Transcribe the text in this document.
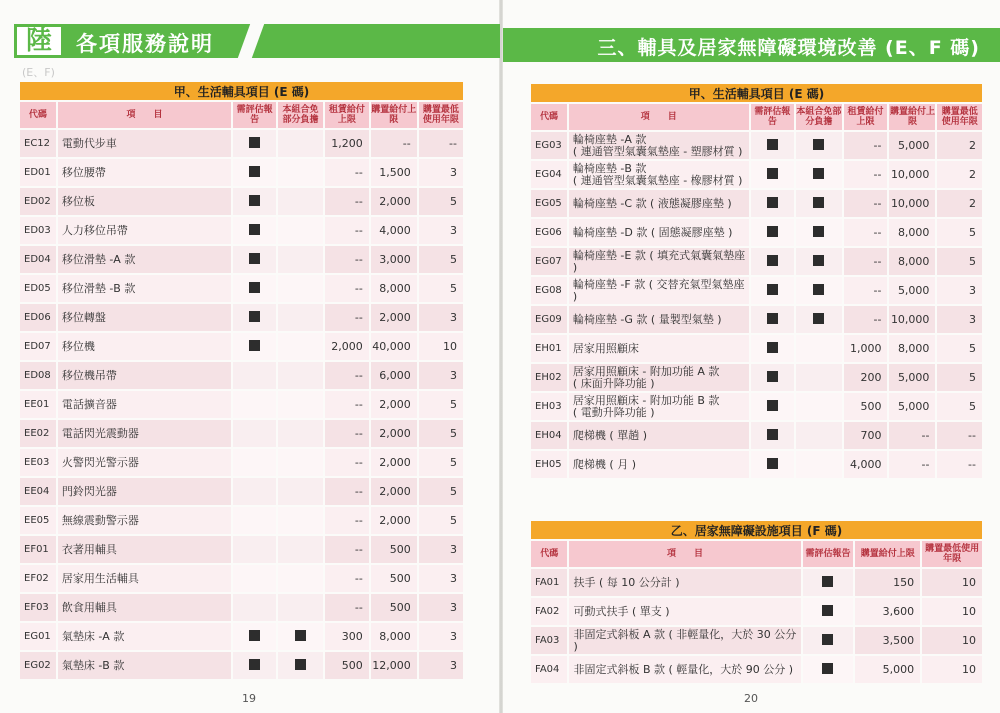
陸	各項服務說明
(E、F)
三、輔具及居家無障礙環境改善 (E、F 碼)
甲、生活輔具項目 (E 碼)						
代碼	項　　目	需評估報告	本組合免部分負擔	租賃給付上限	購置給付上限	購置最低使用年限
EC12	電動代步車			1,200	--	--
ED01	移位腰帶			--	1,500	3
ED02	移位板			--	2,000	5
ED03	人力移位吊帶			--	4,000	3
ED04	移位滑墊 -A 款			--	3,000	5
ED05	移位滑墊 -B 款			--	8,000	5
ED06	移位轉盤			--	2,000	3
ED07	移位機			2,000	40,000	10
ED08	移位機吊帶			--	6,000	3
EE01	電話擴音器			--	2,000	5
EE02	電話閃光震動器			--	2,000	5
EE03	火警閃光警示器			--	2,000	5
EE04	門鈴閃光器			--	2,000	5
EE05	無線震動警示器			--	2,000	5
EF01	衣著用輔具			--	500	3
EF02	居家用生活輔具			--	500	3
EF03	飲食用輔具			--	500	3
EG01	氣墊床 -A 款			300	8,000	3
EG02	氣墊床 -B 款			500	12,000	3
19
甲、生活輔具項目 (E 碼)						
代碼	項　　目	需評估報告	本組合免部分負擔	租賃給付上限	購置給付上限	購置最低使用年限
EG03	輪椅座墊 -A 款
( 連通管型氣囊氣墊座 - 塑膠材質 )			--	5,000	2
EG04	輪椅座墊 -B 款
( 連通管型氣囊氣墊座 - 橡膠材質 )			--	10,000	2
EG05	輪椅座墊 -C 款 ( 液態凝膠座墊 )			--	10,000	2
EG06	輪椅座墊 -D 款 ( 固態凝膠座墊 )			--	8,000	5
EG07	輪椅座墊 -E 款 ( 填充式氣囊氣墊座 )			--	8,000	5
EG08	輪椅座墊 -F 款 ( 交替充氣型氣墊座 )			--	5,000	3
EG09	輪椅座墊 -G 款 ( 量製型氣墊 )			--	10,000	3
EH01	居家用照顧床			1,000	8,000	5
EH02	居家用照顧床 - 附加功能 A 款
( 床面升降功能 )			200	5,000	5
EH03	居家用照顧床 - 附加功能 B 款
( 電動升降功能 )			500	5,000	5
EH04	爬梯機 ( 單趟 )			700	--	--
EH05	爬梯機 ( 月 )			4,000	--	--
乙、居家無障礙設施項目 (F 碼)				
代碼	項　　目	需評估報告	購置給付上限	購置最低使用年限
FA01	扶手 ( 每 10 公分計 )		150	10
FA02	可動式扶手 ( 單支 )		3,600	10
FA03	非固定式斜板 A 款 ( 非輕量化，大於 30 公分 )		3,500	10
FA04	非固定式斜板 B 款 ( 輕量化，大於 90 公分 )		5,000	10
20
